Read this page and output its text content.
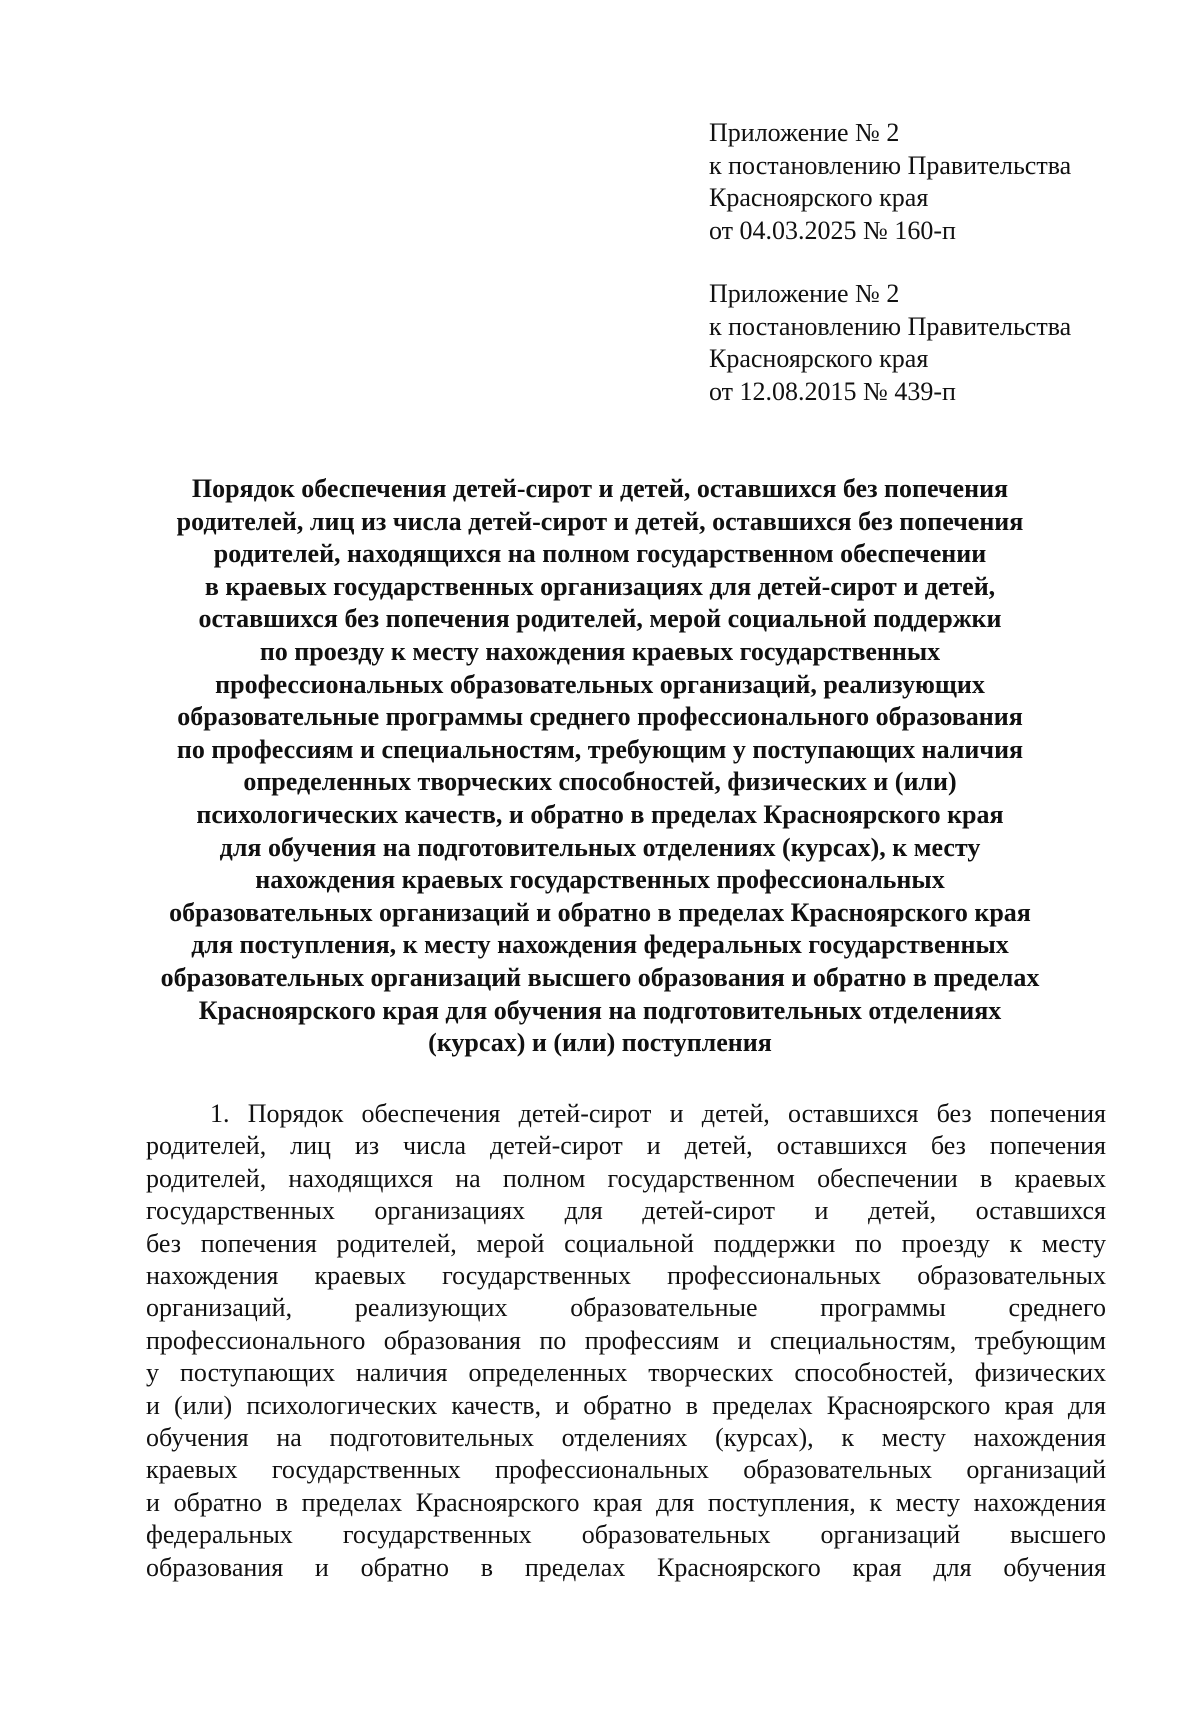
Приложение № 2
к постановлению Правительства
Красноярского края
от 04.03.2025 № 160-п
Приложение № 2
к постановлению Правительства
Красноярского края
от 12.08.2015 № 439-п
Порядок обеспечения детей-сирот и детей, оставшихся без попечения
родителей, лиц из числа детей-сирот и детей, оставшихся без попечения
родителей, находящихся на полном государственном обеспечении
в краевых государственных организациях для детей-сирот и детей,
оставшихся без попечения родителей, мерой социальной поддержки
по проезду к месту нахождения краевых государственных
профессиональных образовательных организаций, реализующих
образовательные программы среднего профессионального образования
по профессиям и специальностям, требующим у поступающих наличия
определенных творческих способностей, физических и (или)
психологических качеств, и обратно в пределах Красноярского края
для обучения на подготовительных отделениях (курсах), к месту
нахождения краевых государственных профессиональных
образовательных организаций и обратно в пределах Красноярского края
для поступления, к месту нахождения федеральных государственных
образовательных организаций высшего образования и обратно в пределах
Красноярского края для обучения на подготовительных отделениях
(курсах) и (или) поступления

1. Порядок обеспечения детей-сирот и детей, оставшихся без попечения
родителей, лиц из числа детей-сирот и детей, оставшихся без попечения
родителей, находящихся на полном государственном обеспечении в краевых
государственных организациях для детей-сирот и детей, оставшихся
без попечения родителей, мерой социальной поддержки по проезду к месту
нахождения краевых государственных профессиональных образовательных
организаций, реализующих образовательные программы среднего
профессионального образования по профессиям и специальностям, требующим
у поступающих наличия определенных творческих способностей, физических
и (или) психологических качеств, и обратно в пределах Красноярского края для
обучения на подготовительных отделениях (курсах), к месту нахождения
краевых государственных профессиональных образовательных организаций
и обратно в пределах Красноярского края для поступления, к месту нахождения
федеральных государственных образовательных организаций высшего
образования и обратно в пределах Красноярского края для обучения
